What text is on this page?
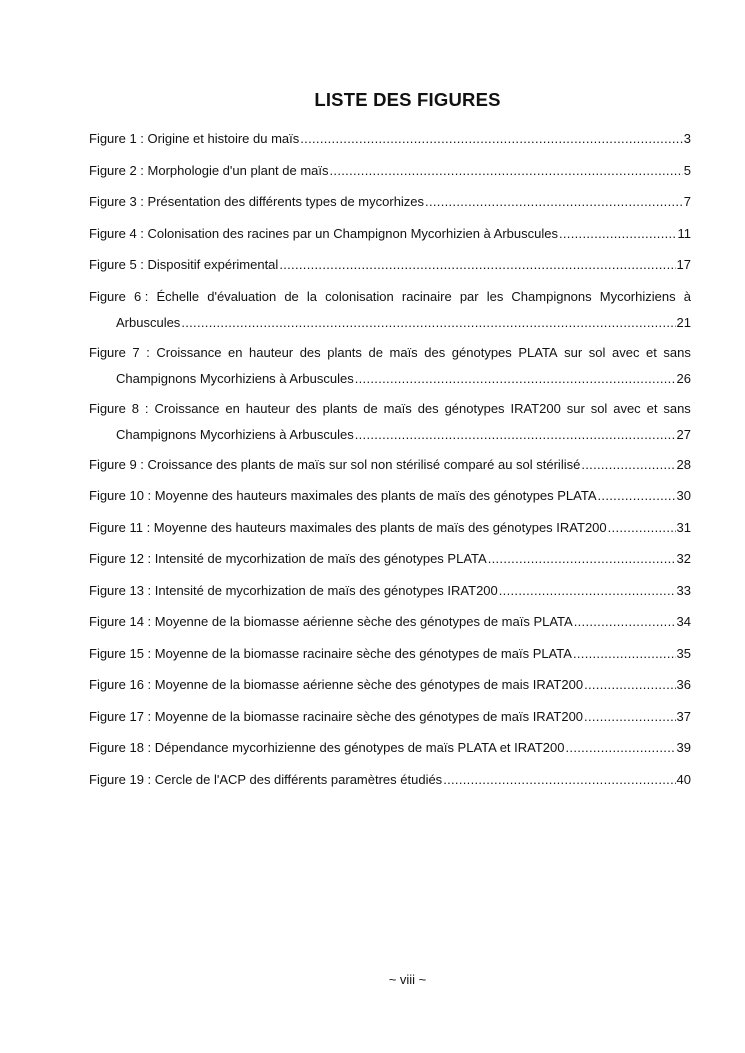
LISTE DES FIGURES
Figure 1 : Origine et histoire du maïs .....	3
Figure 2 : Morphologie d'un plant de maïs .....	5
Figure 3 : Présentation des différents types de mycorhizes .....	7
Figure 4 : Colonisation des racines par un Champignon Mycorhizien à Arbuscules .....	11
Figure 5 : Dispositif expérimental .....	17
Figure 6 : Échelle d'évaluation de la colonisation racinaire par les Champignons Mycorhiziens à
Arbuscules .....	21
Figure 7 : Croissance en hauteur des plants de maïs des génotypes PLATA sur sol avec et sans
Champignons Mycorhiziens à Arbuscules .....	26
Figure 8 : Croissance en hauteur des plants de maïs des génotypes IRAT200 sur sol avec et sans
Champignons Mycorhiziens à Arbuscules .....	27
Figure 9 : Croissance des plants de maïs sur sol non stérilisé comparé au sol stérilisé .....	28
Figure 10 : Moyenne des hauteurs maximales des plants de maïs des génotypes PLATA .....	30
Figure 11 : Moyenne des hauteurs maximales des plants de maïs des génotypes IRAT200 .....	31
Figure 12 : Intensité de mycorhization de maïs des génotypes PLATA .....	32
Figure 13 : Intensité de mycorhization de maïs des génotypes IRAT200 .....	33
Figure 14 : Moyenne de la biomasse aérienne sèche des génotypes de maïs PLATA .....	34
Figure 15 : Moyenne de la biomasse racinaire sèche des génotypes de maïs PLATA .....	35
Figure 16 : Moyenne de la biomasse aérienne sèche des génotypes de mais IRAT200 .....	36
Figure 17 : Moyenne de la biomasse racinaire sèche des génotypes de maïs IRAT200 .....	37
Figure 18 : Dépendance mycorhizienne des génotypes de maïs PLATA et IRAT200 .....	39
Figure 19 : Cercle de l'ACP des différents paramètres étudiés .....	40
~ viii ~
